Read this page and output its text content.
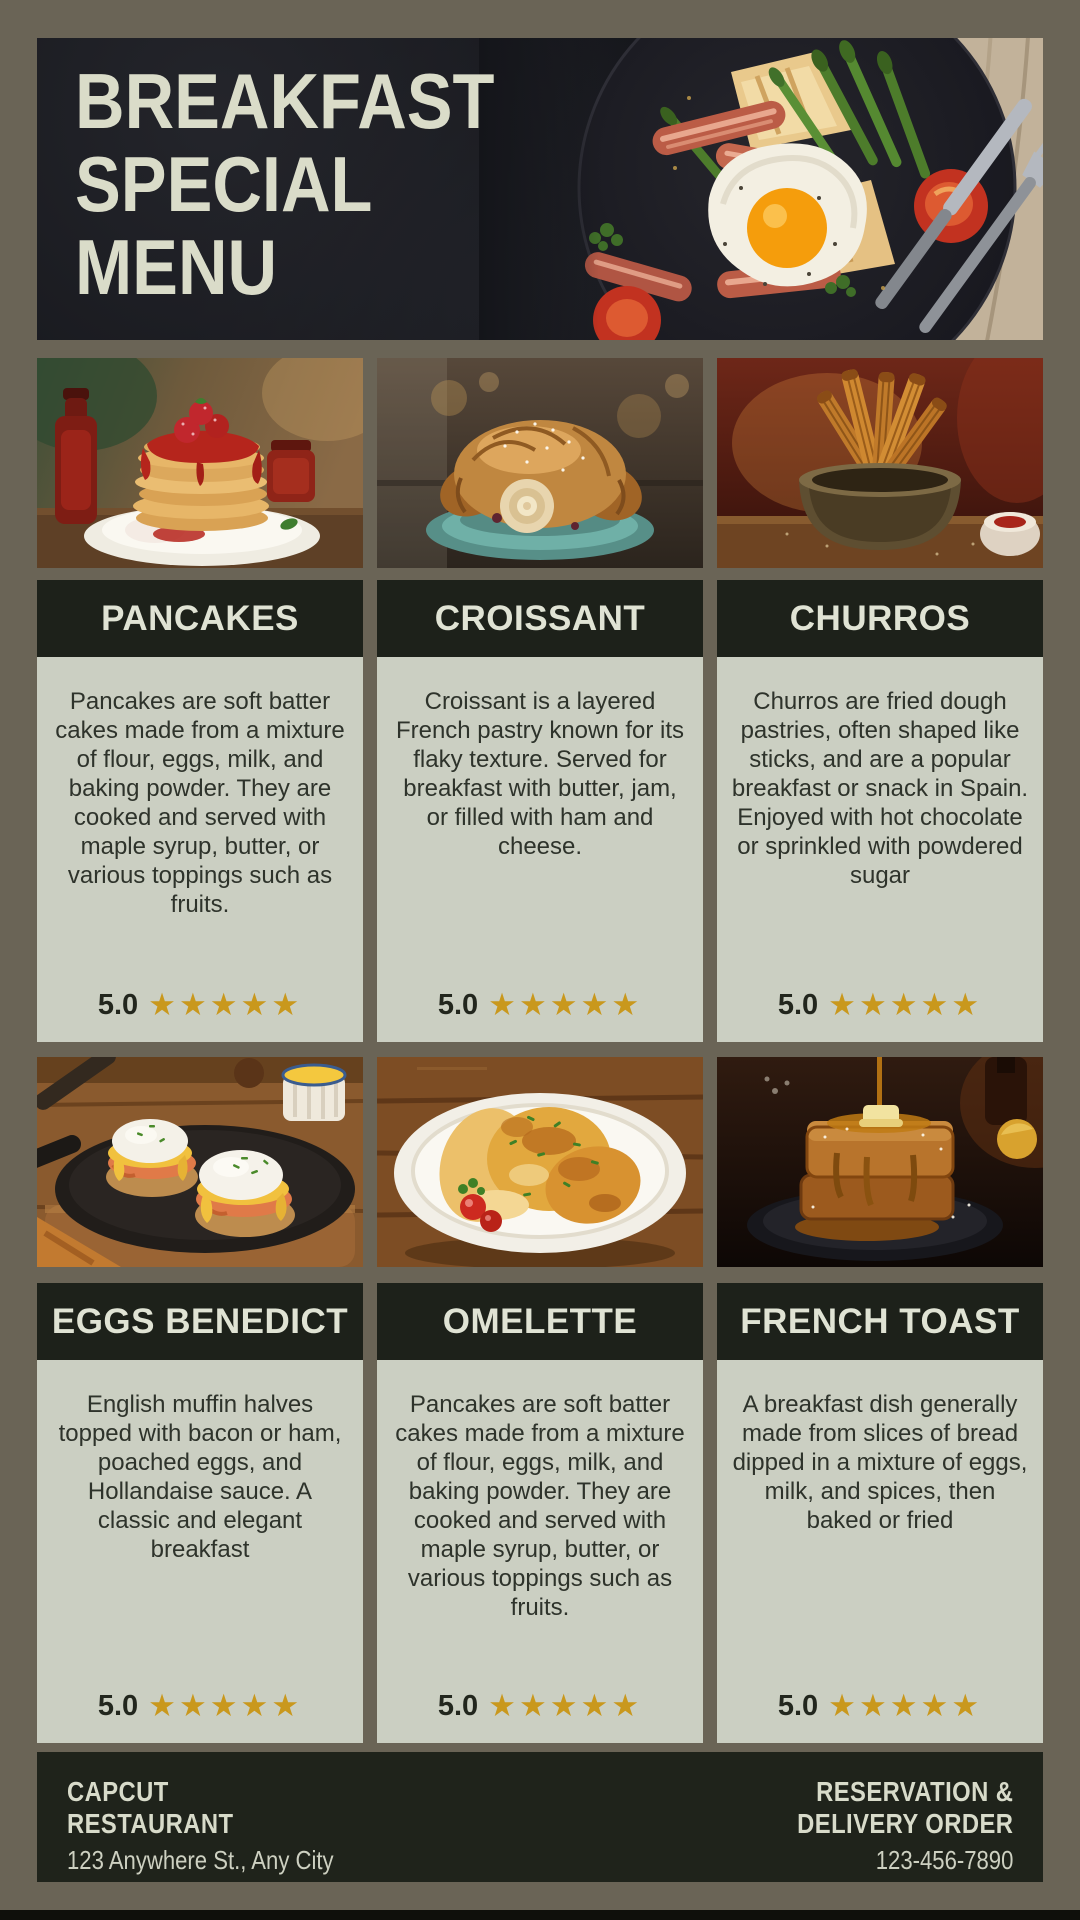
BREAKFAST
SPECIAL
MENU
PANCAKES

Pancakes are soft batter cakes made from a mixture of flour, eggs, milk, and baking powder. They are cooked and served with maple syrup, butter, or various toppings such as fruits.

5.0 ★★★★★
CROISSANT

Croissant is a layered French pastry known for its flaky texture. Served for breakfast with butter, jam, or filled with ham and cheese.

5.0 ★★★★★
CHURROS

Churros are fried dough pastries, often shaped like sticks, and are a popular breakfast or snack in Spain. Enjoyed with hot chocolate or sprinkled with powdered sugar

5.0 ★★★★★
EGGS BENEDICT

English muffin halves topped with bacon or ham, poached eggs, and Hollandaise sauce. A classic and elegant breakfast

5.0 ★★★★★
OMELETTE

Pancakes are soft batter cakes made from a mixture of flour, eggs, milk, and baking powder. They are cooked and served with maple syrup, butter, or various toppings such as fruits.

5.0 ★★★★★
FRENCH TOAST

A breakfast dish generally made from slices of bread dipped in a mixture of eggs, milk, and spices, then baked or fried

5.0 ★★★★★
CAPCUT
RESTAURANT
123 Anywhere St., Any City
RESERVATION &
DELIVERY ORDER
123-456-7890
